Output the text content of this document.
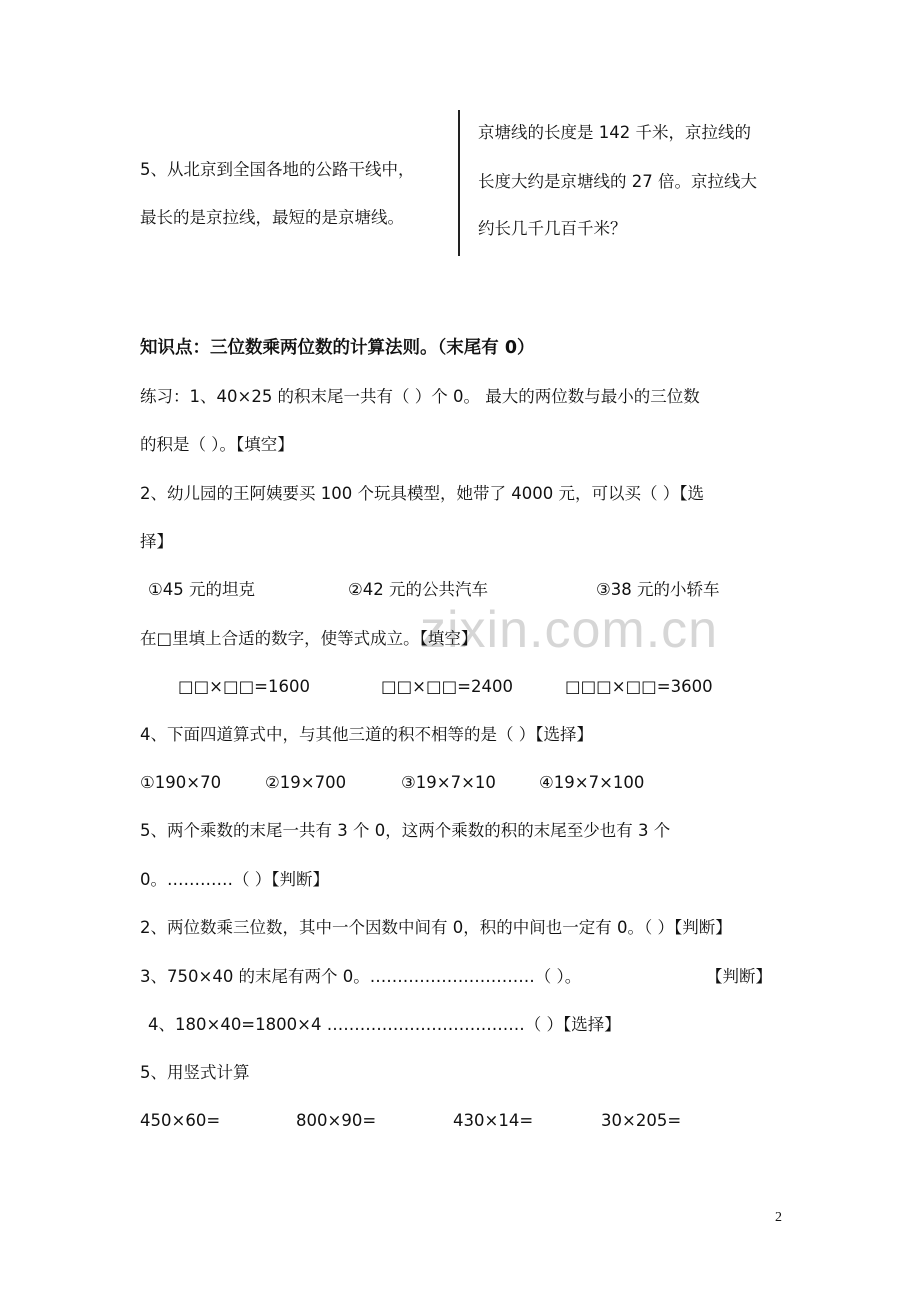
5、从北京到全国各地的公路干线中，
最长的是京拉线，最短的是京塘线。
京塘线的长度是 142 千米，京拉线的
长度大约是京塘线的 27 倍。京拉线大
约长几千几百千米？
知识点：三位数乘两位数的计算法则。（末尾有 0）
练习：1、40×25 的积末尾一共有（ ）个 0。 最大的两位数与最小的三位数
的积是（ ）。【填空】
2、幼儿园的王阿姨要买 100 个玩具模型，她带了 4000 元，可以买（ ）【选
择】
①45 元的坦克	②42 元的公共汽车	③38 元的小轿车
zixin.com.cn
在□里填上合适的数字，使等式成立。【填空】
□□×□□=1600	□□×□□=2400	□□□×□□=3600
4、下面四道算式中，与其他三道的积不相等的是（ ）【选择】
①190×70	②19×700	③19×7×10	④19×7×100
5、两个乘数的末尾一共有 3 个 0，这两个乘数的积的末尾至少也有 3 个
0。…………（ ）【判断】
2、两位数乘三位数，其中一个因数中间有 0，积的中间也一定有 0。（ ）【判断】
3、750×40 的末尾有两个 0。…………………………（ ）。	【判断】
4、180×40=1800×4 ………………………………（ ）【选择】
5、用竖式计算
450×60=	800×90=	430×14=	30×205=
2
